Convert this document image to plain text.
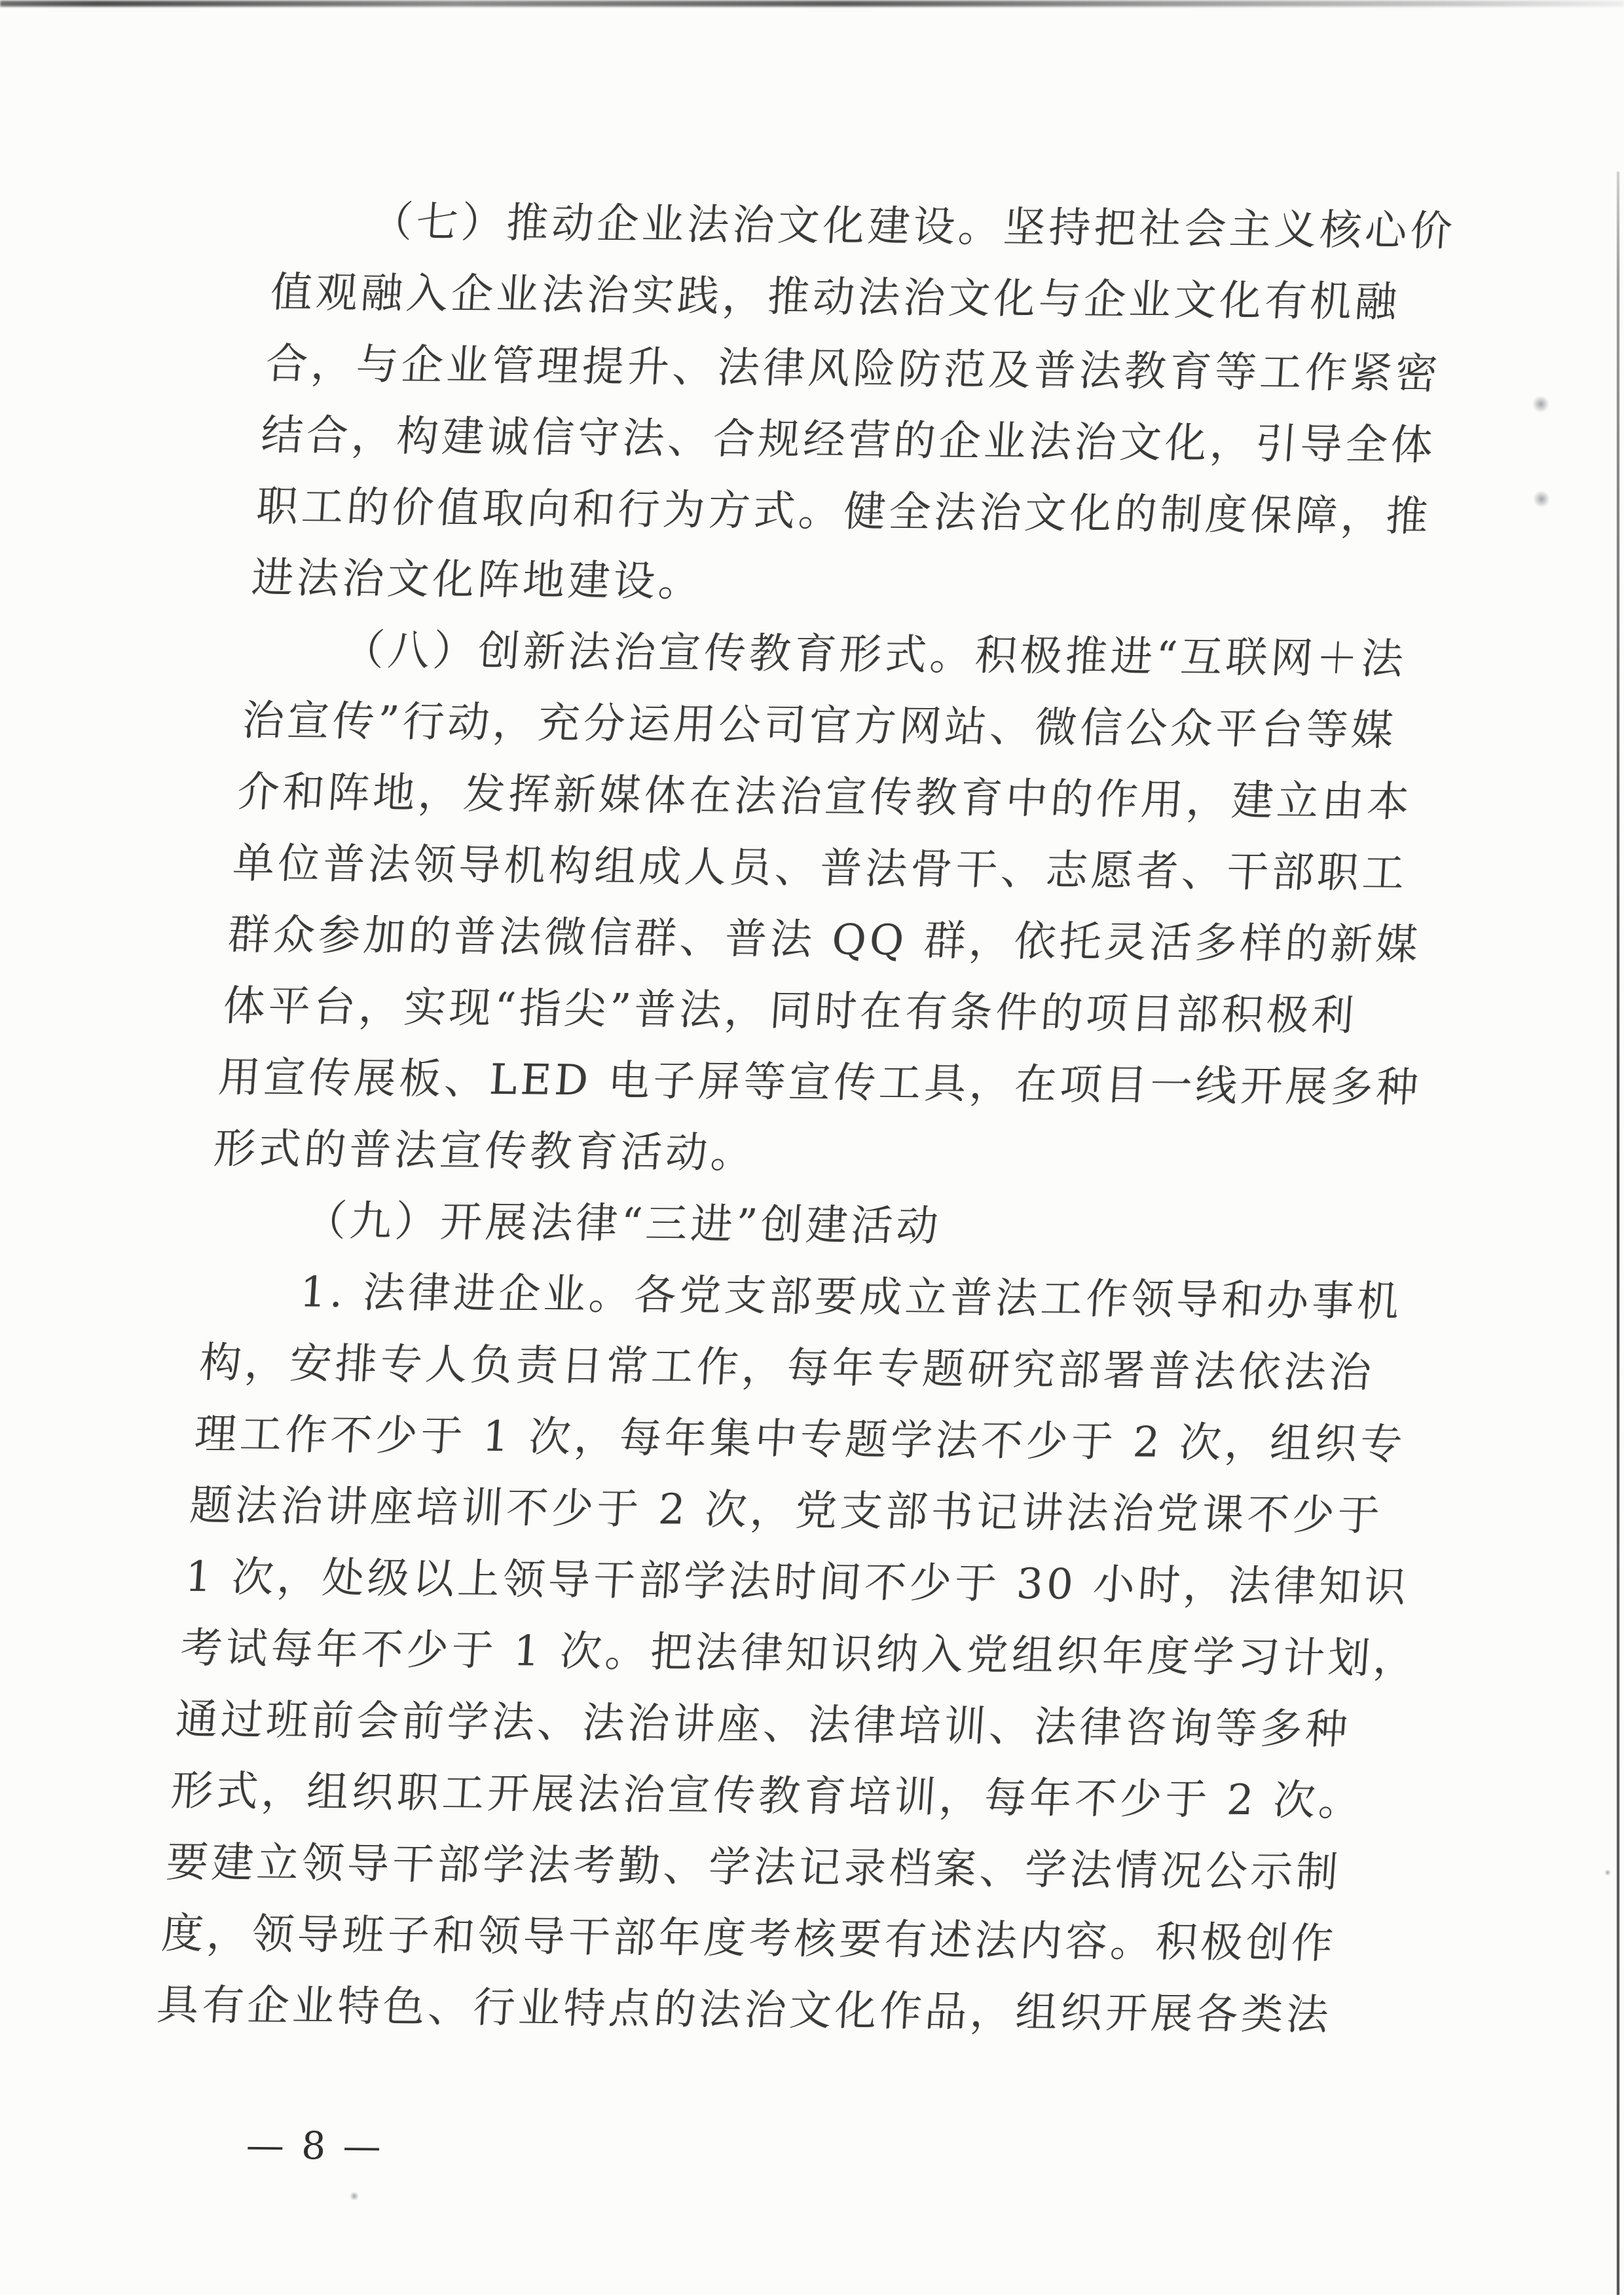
（七）推动企业法治文化建设。坚持把社会主义核心价
值观融入企业法治实践，推动法治文化与企业文化有机融
合，与企业管理提升、法律风险防范及普法教育等工作紧密
结合，构建诚信守法、合规经营的企业法治文化，引导全体
职工的价值取向和行为方式。健全法治文化的制度保障，推
进法治文化阵地建设。
（八）创新法治宣传教育形式。积极推进“互联网＋法
治宣传”行动，充分运用公司官方网站、微信公众平台等媒
介和阵地，发挥新媒体在法治宣传教育中的作用，建立由本
单位普法领导机构组成人员、普法骨干、志愿者、干部职工
群众参加的普法微信群、普法 QQ 群，依托灵活多样的新媒
体平台，实现“指尖”普法，同时在有条件的项目部积极利
用宣传展板、LED 电子屏等宣传工具，在项目一线开展多种
形式的普法宣传教育活动。
（九）开展法律“三进”创建活动
1. 法律进企业。各党支部要成立普法工作领导和办事机
构，安排专人负责日常工作，每年专题研究部署普法依法治
理工作不少于 1 次，每年集中专题学法不少于 2 次，组织专
题法治讲座培训不少于 2 次，党支部书记讲法治党课不少于
1 次，处级以上领导干部学法时间不少于 30 小时，法律知识
考试每年不少于 1 次。把法律知识纳入党组织年度学习计划，
通过班前会前学法、法治讲座、法律培训、法律咨询等多种
形式，组织职工开展法治宣传教育培训，每年不少于 2 次。
要建立领导干部学法考勤、学法记录档案、学法情况公示制
度，领导班子和领导干部年度考核要有述法内容。积极创作
具有企业特色、行业特点的法治文化作品，组织开展各类法
— 8 —
